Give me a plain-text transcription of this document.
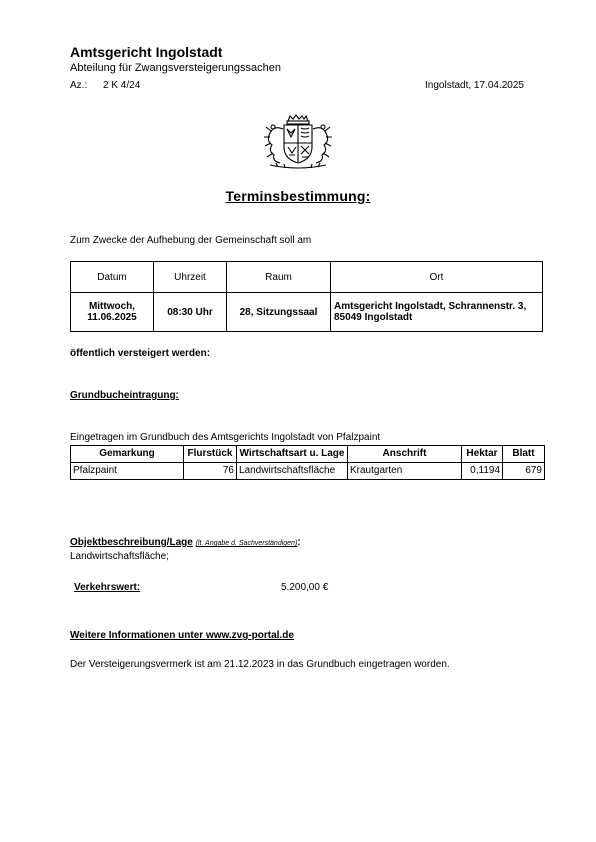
Amtsgericht Ingolstadt
Abteilung für Zwangsversteigerungssachen
Az.: 2 K 4/24	Ingolstadt, 17.04.2025
Terminsbestimmung:
Zum Zwecke der Aufhebung der Gemeinschaft soll am
Datum	Uhrzeit	Raum	Ort
Mittwoch,
11.06.2025	08:30 Uhr	28, Sitzungssaal	Amtsgericht Ingolstadt, Schrannenstr. 3, 85049 Ingolstadt
öffentlich versteigert werden:
Grundbucheintragung:
Eingetragen im Grundbuch des Amtsgerichts Ingolstadt von Pfalzpaint
Gemarkung	Flurstück	Wirtschaftsart u. Lage	Anschrift	Hektar	Blatt
Pfalzpaint	76	Landwirtschaftsfläche	Krautgarten	0,1194	679
Objektbeschreibung/Lage (lt. Angabe d. Sachverständigen):
Landwirtschaftsfläche;
Verkehrswert:	5.200,00 €
Weitere Informationen unter www.zvg-portal.de
Der Versteigerungsvermerk ist am 21.12.2023 in das Grundbuch eingetragen worden.
